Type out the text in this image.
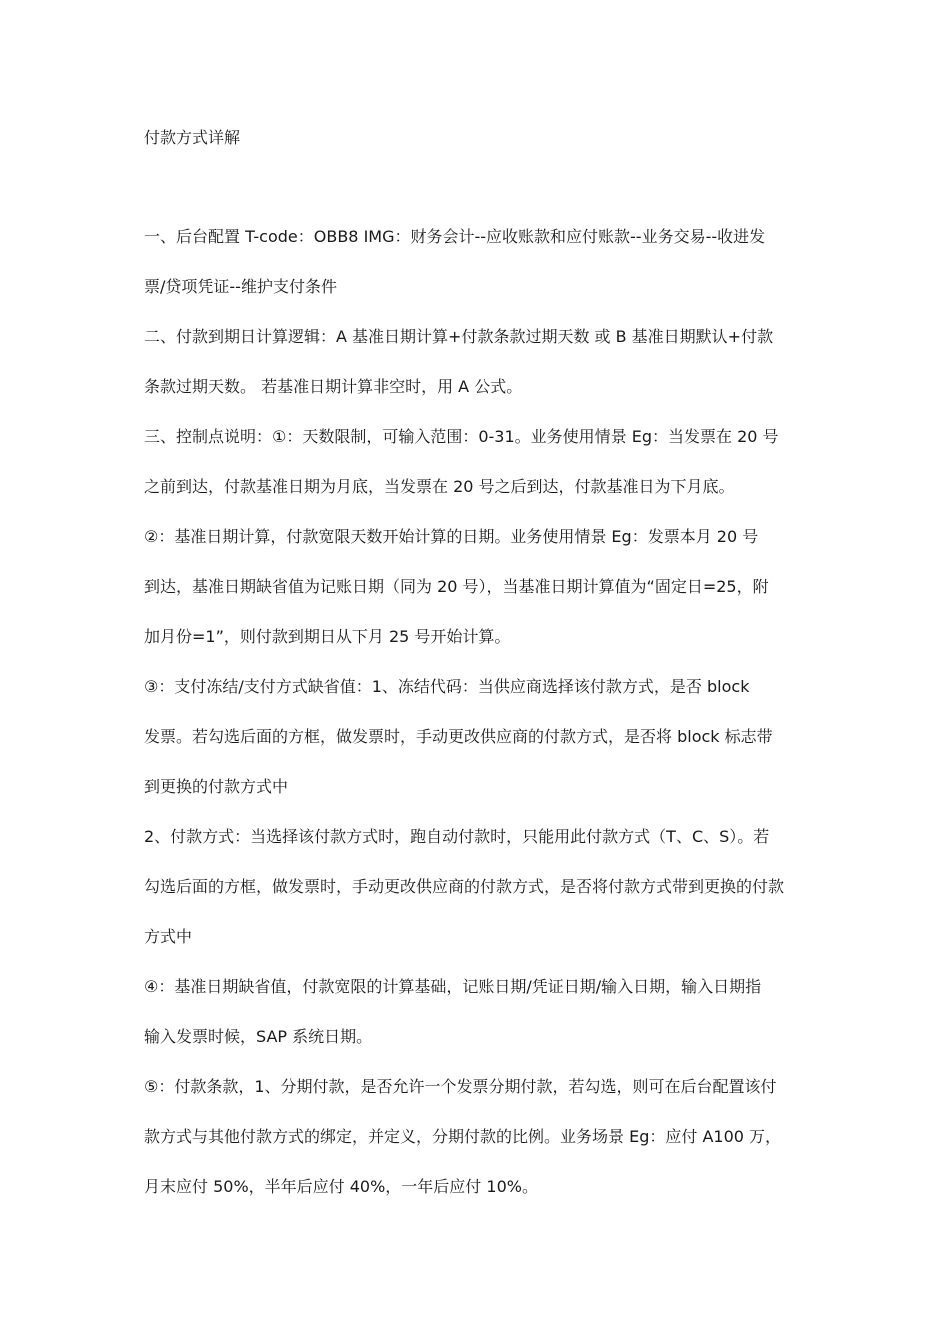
付款方式详解
一、后台配置 T-code：OBB8 IMG：财务会计--应收账款和应付账款--业务交易--收进发
票/贷项凭证--维护支付条件
二、付款到期日计算逻辑：A 基准日期计算+付款条款过期天数 或 B 基准日期默认+付款
条款过期天数。 若基准日期计算非空时，用 A 公式。
三、控制点说明：①：天数限制，可输入范围：0-31。业务使用情景 Eg：当发票在 20 号
之前到达，付款基准日期为月底，当发票在 20 号之后到达，付款基准日为下月底。
②：基准日期计算，付款宽限天数开始计算的日期。业务使用情景 Eg：发票本月 20 号
到达，基准日期缺省值为记账日期（同为 20 号），当基准日期计算值为“固定日=25，附
加月份=1”，则付款到期日从下月 25 号开始计算。
③：支付冻结/支付方式缺省值：1、冻结代码：当供应商选择该付款方式，是否 block
发票。若勾选后面的方框，做发票时，手动更改供应商的付款方式，是否将 block 标志带
到更换的付款方式中
2、付款方式：当选择该付款方式时，跑自动付款时，只能用此付款方式（T、C、S）。若
勾选后面的方框，做发票时，手动更改供应商的付款方式，是否将付款方式带到更换的付款
方式中
④：基准日期缺省值，付款宽限的计算基础，记账日期/凭证日期/输入日期，输入日期指
输入发票时候，SAP 系统日期。
⑤：付款条款，1、分期付款，是否允许一个发票分期付款，若勾选，则可在后台配置该付
款方式与其他付款方式的绑定，并定义，分期付款的比例。业务场景 Eg：应付 A100 万，
月末应付 50%，半年后应付 40%，一年后应付 10%。
